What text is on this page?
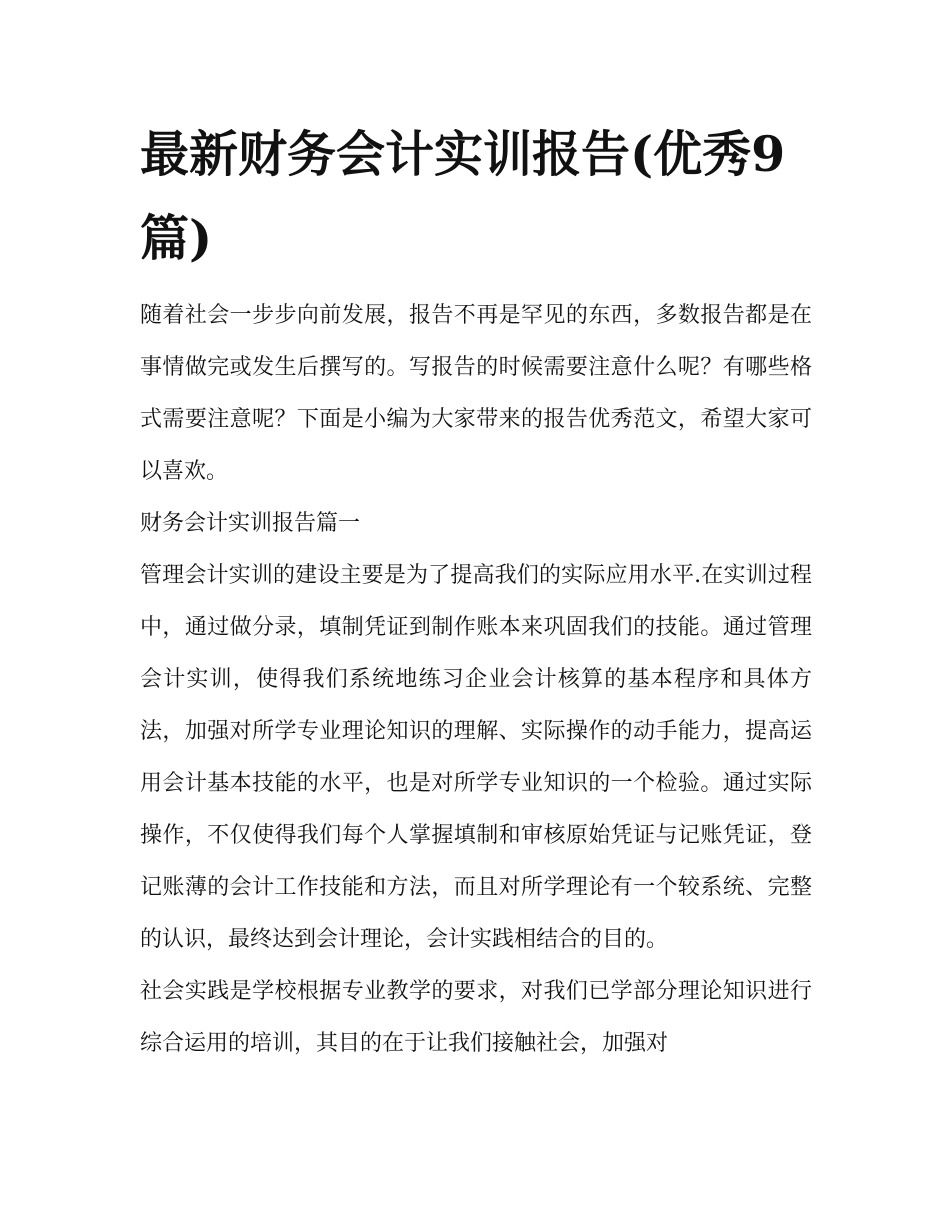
最新财务会计实训报告(优秀9篇)

随着社会一步步向前发展，报告不再是罕见的东西，多数报告都是在事情做完或发生后撰写的。写报告的时候需要注意什么呢？有哪些格式需要注意呢？下面是小编为大家带来的报告优秀范文，希望大家可以喜欢。

财务会计实训报告篇一

管理会计实训的建设主要是为了提高我们的实际应用水平.在实训过程中，通过做分录，填制凭证到制作账本来巩固我们的技能。通过管理会计实训，使得我们系统地练习企业会计核算的基本程序和具体方法，加强对所学专业理论知识的理解、实际操作的动手能力，提高运用会计基本技能的水平，也是对所学专业知识的一个检验。通过实际操作，不仅使得我们每个人掌握填制和审核原始凭证与记账凭证，登记账薄的会计工作技能和方法，而且对所学理论有一个较系统、完整的认识，最终达到会计理论，会计实践相结合的目的。

社会实践是学校根据专业教学的要求，对我们已学部分理论知识进行综合运用的培训，其目的在于让我们接触社会，加强对
